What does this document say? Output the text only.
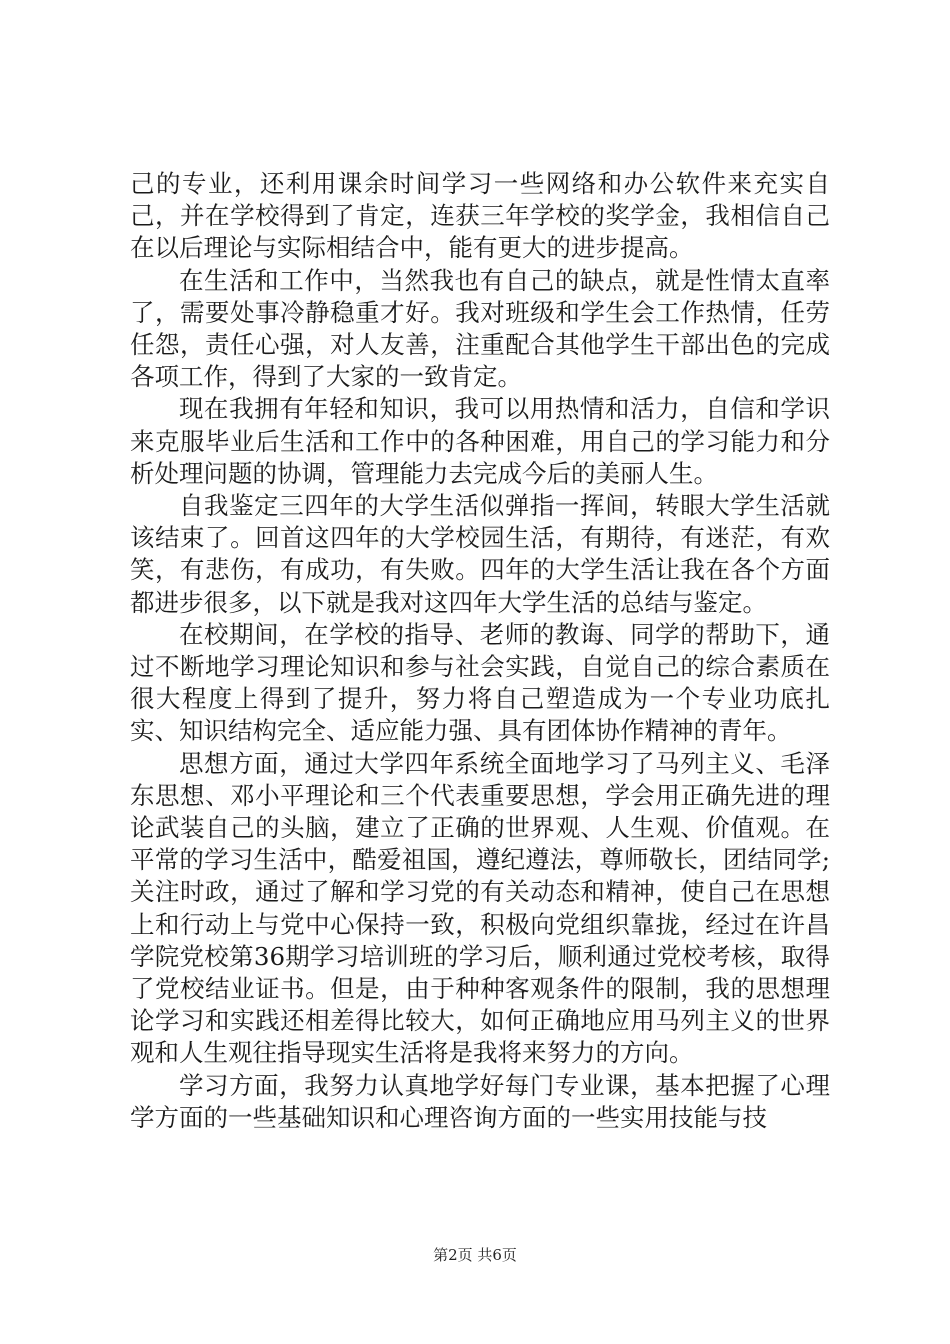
己的专业，还利用课余时间学习一些网络和办公软件来充实自己，并在学校得到了肯定，连获三年学校的奖学金，我相信自己在以后理论与实际相结合中，能有更大的进步提高。

在生活和工作中，当然我也有自己的缺点，就是性情太直率了，需要处事冷静稳重才好。我对班级和学生会工作热情，任劳任怨，责任心强，对人友善，注重配合其他学生干部出色的完成各项工作，得到了大家的一致肯定。

现在我拥有年轻和知识，我可以用热情和活力，自信和学识来克服毕业后生活和工作中的各种困难，用自己的学习能力和分析处理问题的协调，管理能力去完成今后的美丽人生。

自我鉴定三四年的大学生活似弹指一挥间，转眼大学生活就该结束了。回首这四年的大学校园生活，有期待，有迷茫，有欢笑，有悲伤，有成功，有失败。四年的大学生活让我在各个方面都进步很多，以下就是我对这四年大学生活的总结与鉴定。

在校期间，在学校的指导、老师的教诲、同学的帮助下，通过不断地学习理论知识和参与社会实践，自觉自己的综合素质在很大程度上得到了提升，努力将自己塑造成为一个专业功底扎实、知识结构完全、适应能力强、具有团体协作精神的青年。

思想方面，通过大学四年系统全面地学习了马列主义、毛泽东思想、邓小平理论和三个代表重要思想，学会用正确先进的理论武装自己的头脑，建立了正确的世界观、人生观、价值观。在平常的学习生活中，酷爱祖国，遵纪遵法，尊师敬长，团结同学;关注时政，通过了解和学习党的有关动态和精神，使自己在思想上和行动上与党中心保持一致，积极向党组织靠拢，经过在许昌学院党校第36期学习培训班的学习后，顺利通过党校考核，取得了党校结业证书。但是，由于种种客观条件的限制，我的思想理论学习和实践还相差得比较大，如何正确地应用马列主义的世界观和人生观往指导现实生活将是我将来努力的方向。

学习方面，我努力认真地学好每门专业课，基本把握了心理学方面的一些基础知识和心理咨询方面的一些实用技能与技

第2页 共6页
